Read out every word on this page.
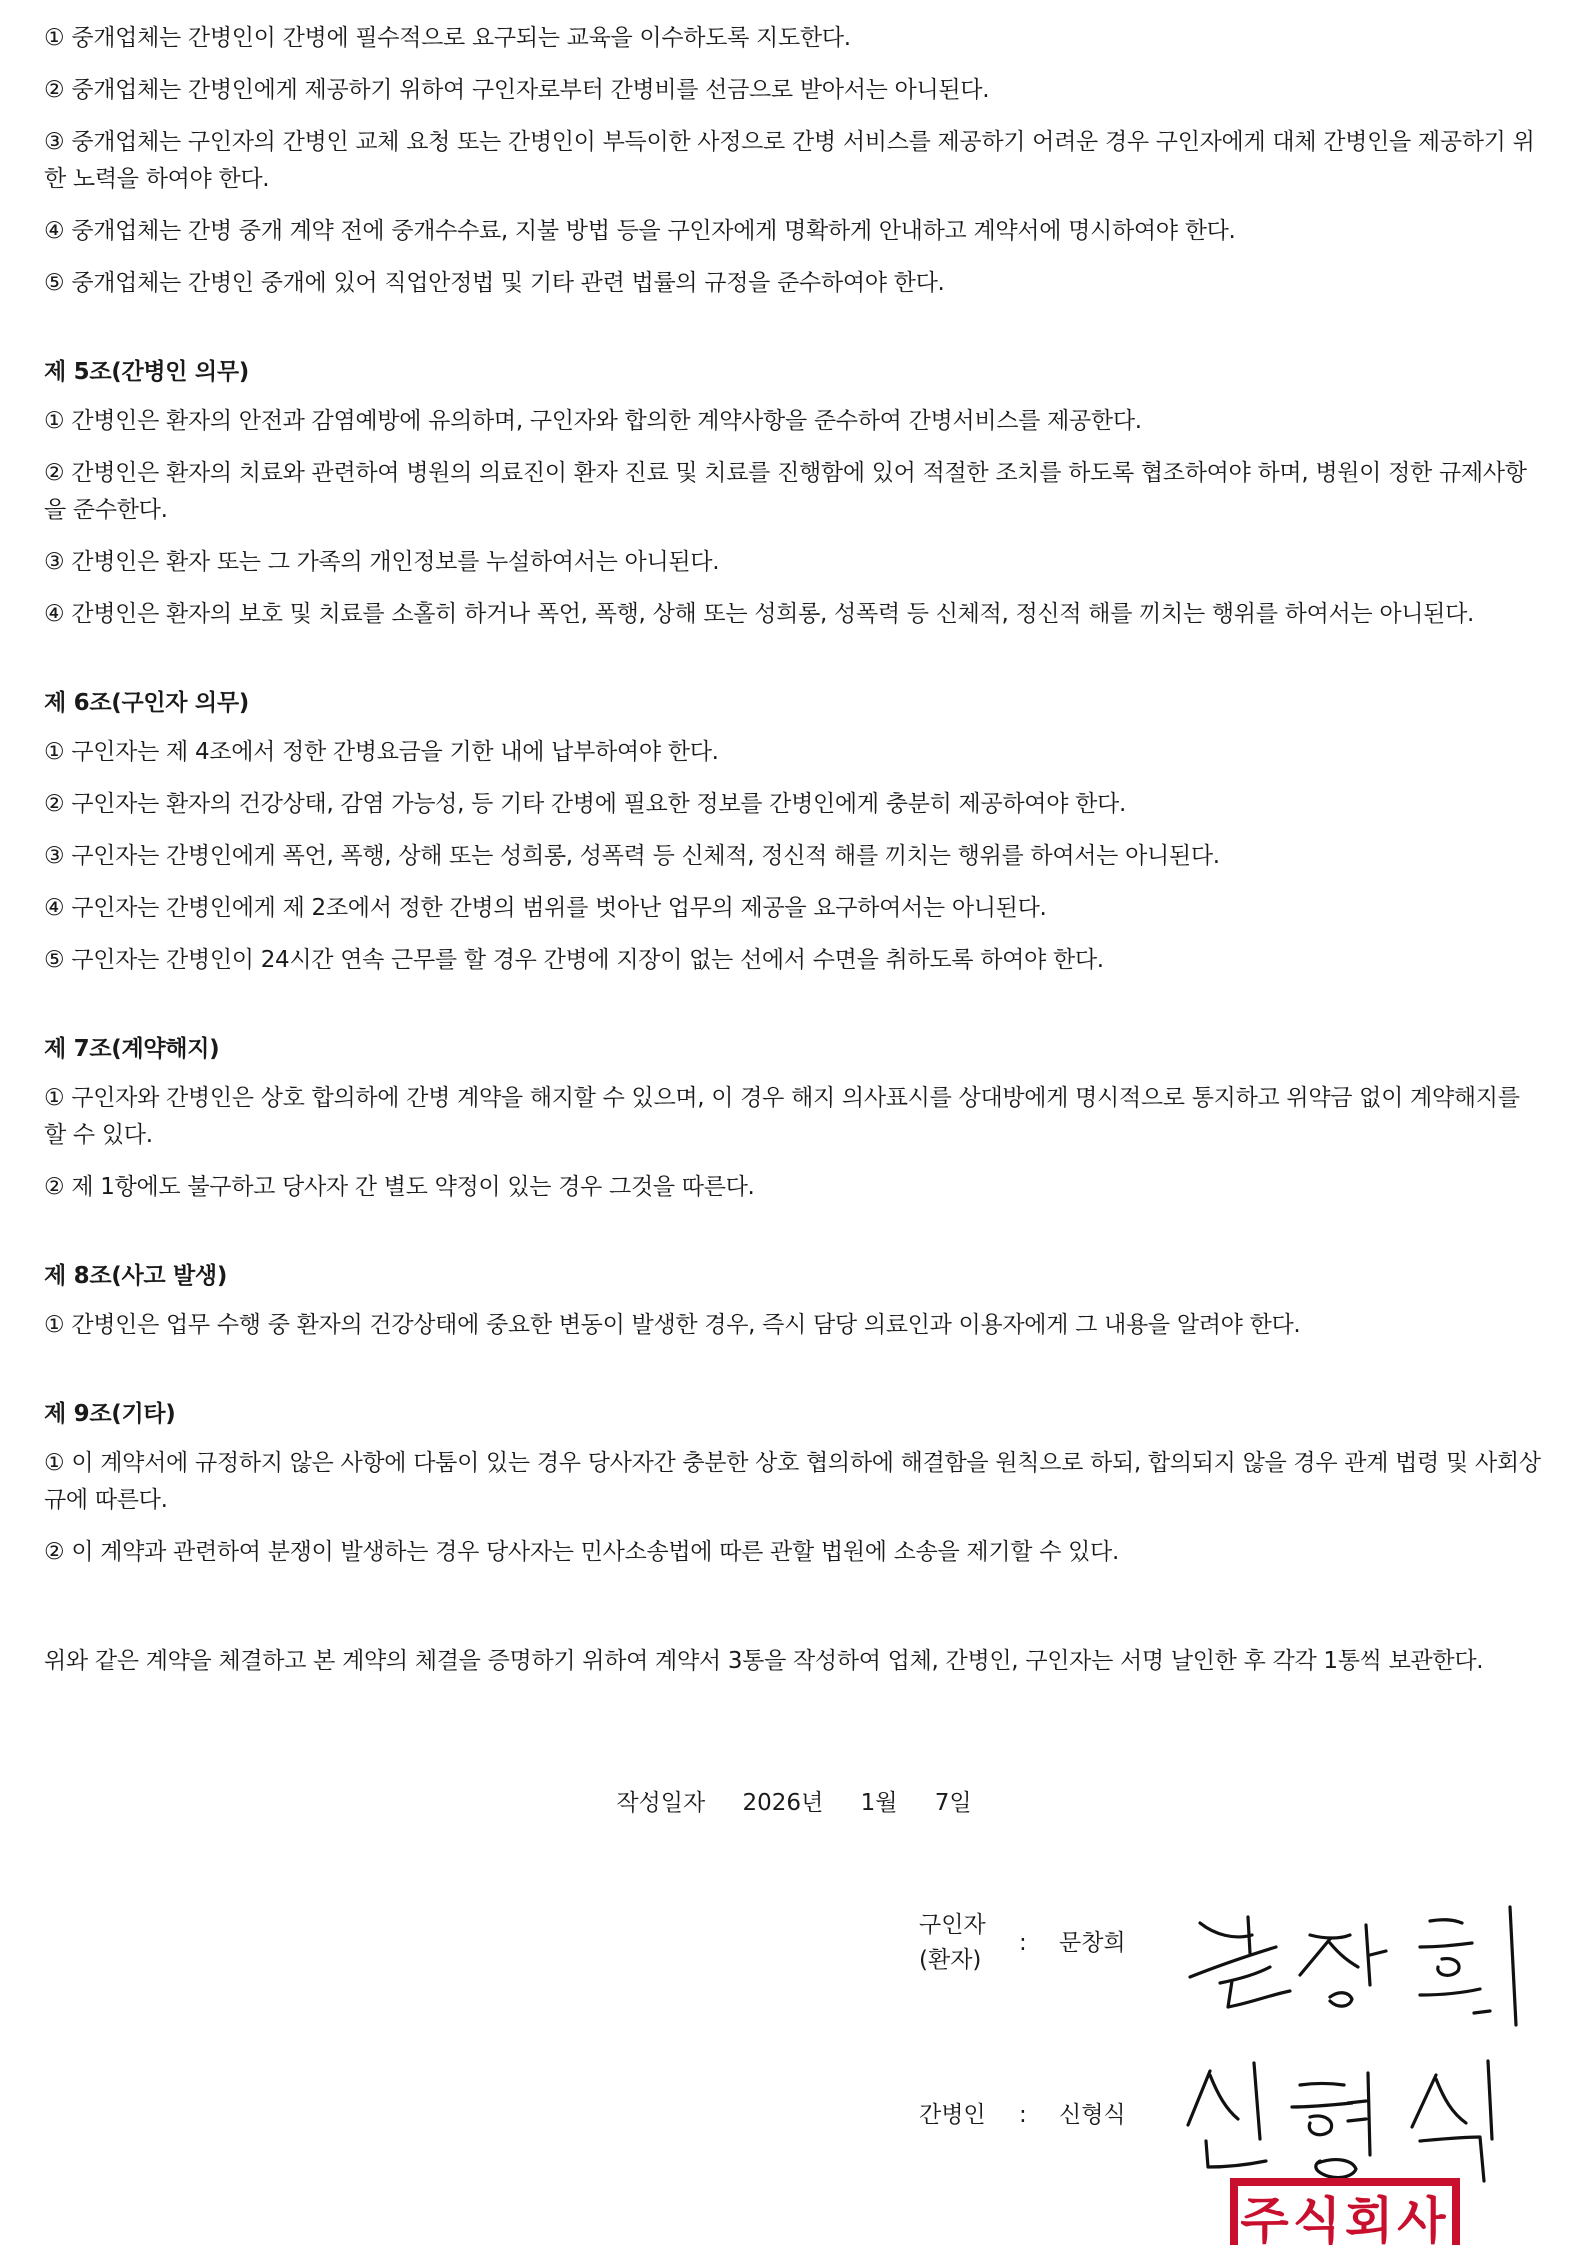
① 중개업체는 간병인이 간병에 필수적으로 요구되는 교육을 이수하도록 지도한다.

② 중개업체는 간병인에게 제공하기 위하여 구인자로부터 간병비를 선금으로 받아서는 아니된다.

③ 중개업체는 구인자의 간병인 교체 요청 또는 간병인이 부득이한 사정으로 간병 서비스를 제공하기 어려운 경우 구인자에게 대체 간병인을 제공하기 위한 노력을 하여야 한다.

④ 중개업체는 간병 중개 계약 전에 중개수수료, 지불 방법 등을 구인자에게 명확하게 안내하고 계약서에 명시하여야 한다.

⑤ 중개업체는 간병인 중개에 있어 직업안정법 및 기타 관련 법률의 규정을 준수하여야 한다.

제 5조(간병인 의무)

① 간병인은 환자의 안전과 감염예방에 유의하며, 구인자와 합의한 계약사항을 준수하여 간병서비스를 제공한다.

② 간병인은 환자의 치료와 관련하여 병원의 의료진이 환자 진료 및 치료를 진행함에 있어 적절한 조치를 하도록 협조하여야 하며, 병원이 정한 규제사항을 준수한다.

③ 간병인은 환자 또는 그 가족의 개인정보를 누설하여서는 아니된다.

④ 간병인은 환자의 보호 및 치료를 소홀히 하거나 폭언, 폭행, 상해 또는 성희롱, 성폭력 등 신체적, 정신적 해를 끼치는 행위를 하여서는 아니된다.

제 6조(구인자 의무)

① 구인자는 제 4조에서 정한 간병요금을 기한 내에 납부하여야 한다.

② 구인자는 환자의 건강상태, 감염 가능성, 등 기타 간병에 필요한 정보를 간병인에게 충분히 제공하여야 한다.

③ 구인자는 간병인에게 폭언, 폭행, 상해 또는 성희롱, 성폭력 등 신체적, 정신적 해를 끼치는 행위를 하여서는 아니된다.

④ 구인자는 간병인에게 제 2조에서 정한 간병의 범위를 벗아난 업무의 제공을 요구하여서는 아니된다.

⑤ 구인자는 간병인이 24시간 연속 근무를 할 경우 간병에 지장이 없는 선에서 수면을 취하도록 하여야 한다.

제 7조(계약해지)

① 구인자와 간병인은 상호 합의하에 간병 계약을 해지할 수 있으며, 이 경우 해지 의사표시를 상대방에게 명시적으로 통지하고 위약금 없이 계약해지를 할 수 있다.

② 제 1항에도 불구하고 당사자 간 별도 약정이 있는 경우 그것을 따른다.

제 8조(사고 발생)

① 간병인은 업무 수행 중 환자의 건강상태에 중요한 변동이 발생한 경우, 즉시 담당 의료인과 이용자에게 그 내용을 알려야 한다.

제 9조(기타)

① 이 계약서에 규정하지 않은 사항에 다툼이 있는 경우 당사자간 충분한 상호 협의하에 해결함을 원칙으로 하되, 합의되지 않을 경우 관계 법령 및 사회상규에 따른다.

② 이 계약과 관련하여 분쟁이 발생하는 경우 당사자는 민사소송법에 따른 관할 법원에 소송을 제기할 수 있다.

위와 같은 계약을 체결하고 본 계약의 체결을 증명하기 위하여 계약서 3통을 작성하여 업체, 간병인, 구인자는 서명 날인한 후 각각 1통씩 보관한다.

작성일자 2026년 1월 7일
구인자
(환자)
: 문창희
간병인	: 신형식
주식회사
